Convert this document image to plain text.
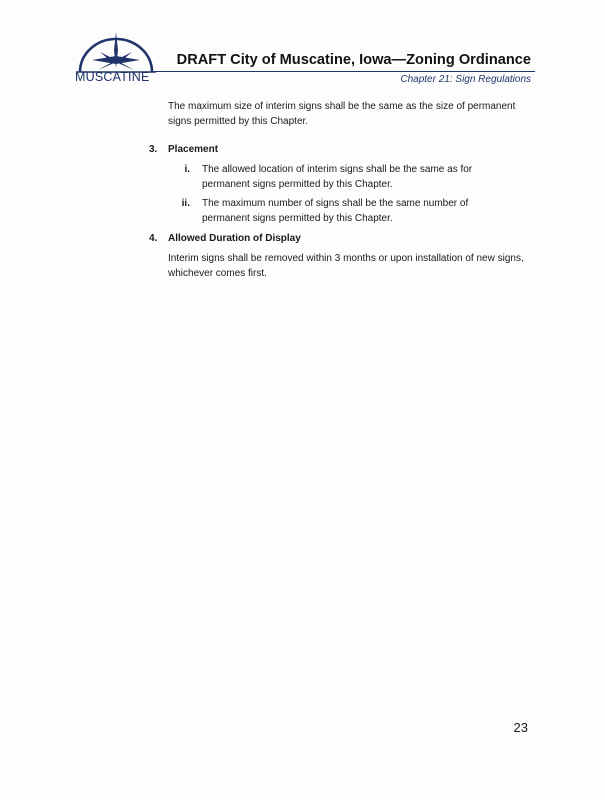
MUSCATINE
DRAFT City of Muscatine, Iowa—Zoning Ordinance
Chapter 21: Sign Regulations
The maximum size of interim signs shall be the same as the size of permanent signs permitted by this Chapter.
3. Placement
i. The allowed location of interim signs shall be the same as for permanent signs permitted by this Chapter.
ii. The maximum number of signs shall be the same number of permanent signs permitted by this Chapter.
4. Allowed Duration of Display
Interim signs shall be removed within 3 months or upon installation of new signs, whichever comes first.
23
